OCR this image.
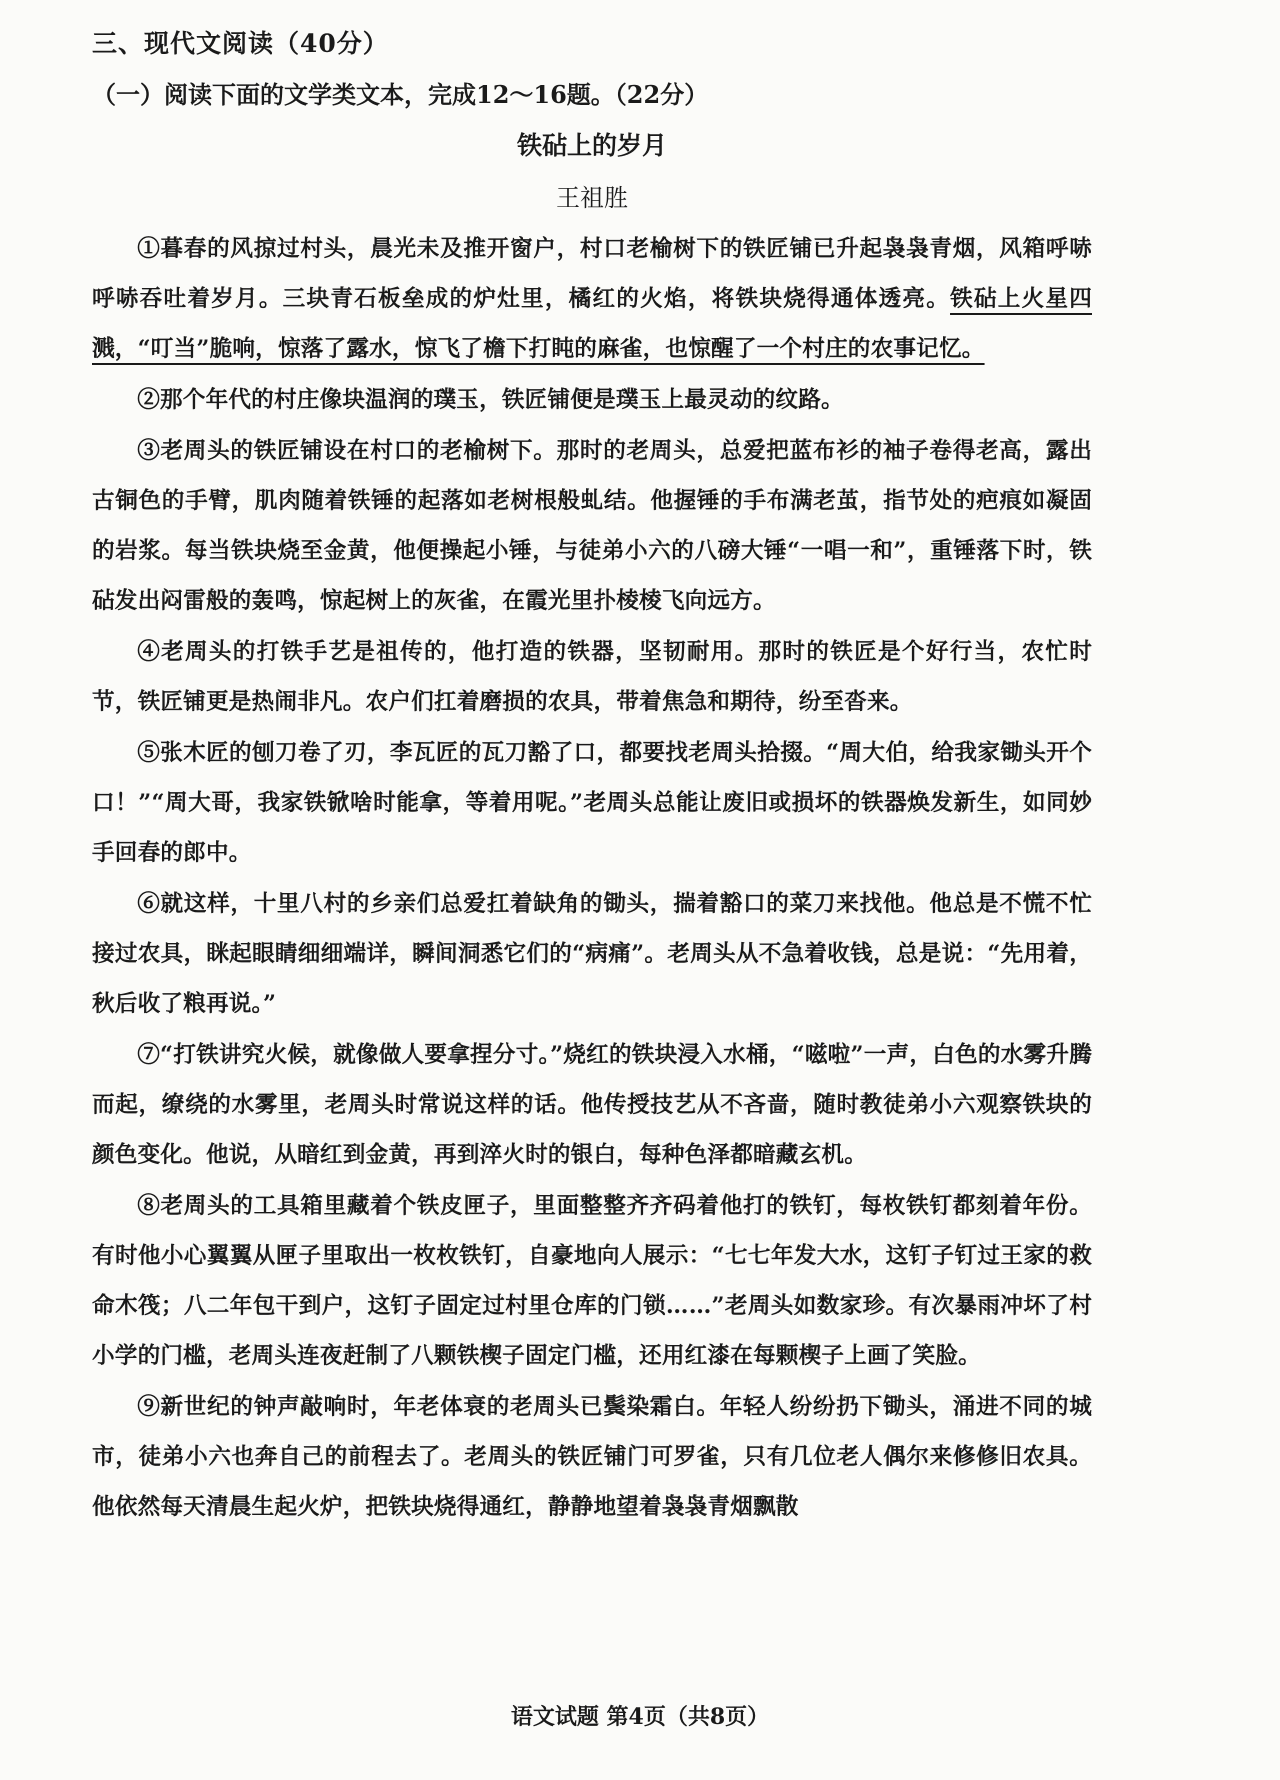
三、现代文阅读（40分）

（一）阅读下面的文学类文本，完成12～16题。（22分）

铁砧上的岁月

王祖胜

①暮春的风掠过村头，晨光未及推开窗户，村口老榆树下的铁匠铺已升起袅袅青烟，风箱呼哧呼哧吞吐着岁月。三块青石板垒成的炉灶里，橘红的火焰，将铁块烧得通体透亮。铁砧上火星四溅，“叮当”脆响，惊落了露水，惊飞了檐下打盹的麻雀，也惊醒了一个村庄的农事记忆。

②那个年代的村庄像块温润的璞玉，铁匠铺便是璞玉上最灵动的纹路。

③老周头的铁匠铺设在村口的老榆树下。那时的老周头，总爱把蓝布衫的袖子卷得老高，露出古铜色的手臂，肌肉随着铁锤的起落如老树根般虬结。他握锤的手布满老茧，指节处的疤痕如凝固的岩浆。每当铁块烧至金黄，他便操起小锤，与徒弟小六的八磅大锤“一唱一和”，重锤落下时，铁砧发出闷雷般的轰鸣，惊起树上的灰雀，在霞光里扑棱棱飞向远方。

④老周头的打铁手艺是祖传的，他打造的铁器，坚韧耐用。那时的铁匠是个好行当，农忙时节，铁匠铺更是热闹非凡。农户们扛着磨损的农具，带着焦急和期待，纷至沓来。

⑤张木匠的刨刀卷了刃，李瓦匠的瓦刀豁了口，都要找老周头拾掇。“周大伯，给我家锄头开个口！”“周大哥，我家铁锨啥时能拿，等着用呢。”老周头总能让废旧或损坏的铁器焕发新生，如同妙手回春的郎中。

⑥就这样，十里八村的乡亲们总爱扛着缺角的锄头，揣着豁口的菜刀来找他。他总是不慌不忙接过农具，眯起眼睛细细端详，瞬间洞悉它们的“病痛”。老周头从不急着收钱，总是说：“先用着，秋后收了粮再说。”

⑦“打铁讲究火候，就像做人要拿捏分寸。”烧红的铁块浸入水桶，“嗞啦”一声，白色的水雾升腾而起，缭绕的水雾里，老周头时常说这样的话。他传授技艺从不吝啬，随时教徒弟小六观察铁块的颜色变化。他说，从暗红到金黄，再到淬火时的银白，每种色泽都暗藏玄机。

⑧老周头的工具箱里藏着个铁皮匣子，里面整整齐齐码着他打的铁钉，每枚铁钉都刻着年份。有时他小心翼翼从匣子里取出一枚枚铁钉，自豪地向人展示：“七七年发大水，这钉子钉过王家的救命木筏；八二年包干到户，这钉子固定过村里仓库的门锁……”老周头如数家珍。有次暴雨冲坏了村小学的门槛，老周头连夜赶制了八颗铁楔子固定门槛，还用红漆在每颗楔子上画了笑脸。

⑨新世纪的钟声敲响时，年老体衰的老周头已鬓染霜白。年轻人纷纷扔下锄头，涌进不同的城市，徒弟小六也奔自己的前程去了。老周头的铁匠铺门可罗雀，只有几位老人偶尔来修修旧农具。他依然每天清晨生起火炉，把铁块烧得通红，静静地望着袅袅青烟飘散

语文试题 第4页（共8页）
